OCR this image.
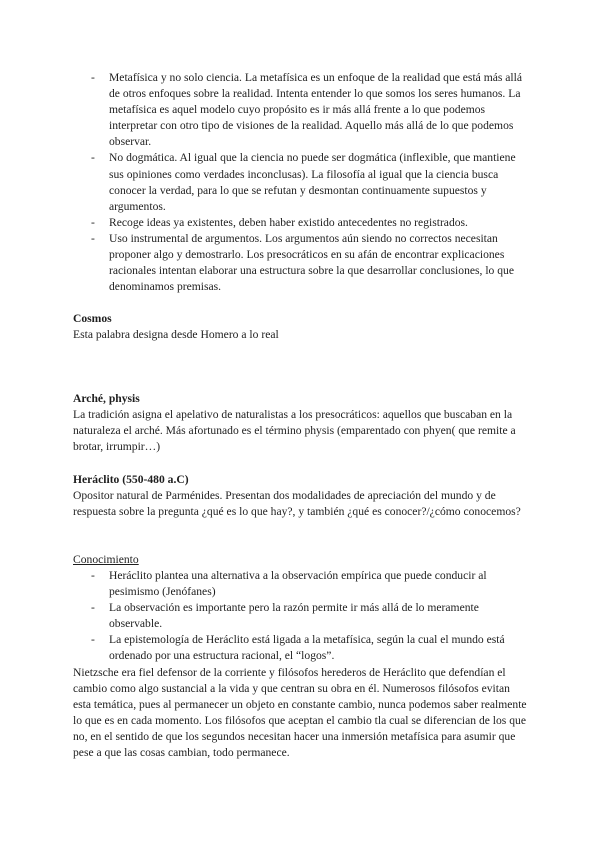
- Metafísica y no solo ciencia. La metafísica es un enfoque de la realidad que está más allá de otros enfoques sobre la realidad. Intenta entender lo que somos los seres humanos. La metafísica es aquel modelo cuyo propósito es ir más allá frente a lo que podemos interpretar con otro tipo de visiones de la realidad. Aquello más allá de lo que podemos observar.
- No dogmática. Al igual que la ciencia no puede ser dogmática (inflexible, que mantiene sus opiniones como verdades inconclusas). La filosofía al igual que la ciencia busca conocer la verdad, para lo que se refutan y desmontan continuamente supuestos y argumentos.
- Recoge ideas ya existentes, deben haber existido antecedentes no registrados.
- Uso instrumental de argumentos. Los argumentos aún siendo no correctos necesitan proponer algo y demostrarlo. Los presocráticos en su afán de encontrar explicaciones racionales intentan elaborar una estructura sobre la que desarrollar conclusiones, lo que denominamos premisas.

Cosmos

Esta palabra designa desde Homero a lo real

Arché, physis

La tradición asigna el apelativo de naturalistas a los presocráticos: aquellos que buscaban en la naturaleza el arché. Más afortunado es el término physis (emparentado con phyen( que remite a brotar, irrumpir…)

Heráclito (550-480 a.C)

Opositor natural de Parménides. Presentan dos modalidades de apreciación del mundo y de respuesta sobre la pregunta ¿qué es lo que hay?, y también ¿qué es conocer?/¿cómo conocemos?

Conocimiento

- Heráclito plantea una alternativa a la observación empírica que puede conducir al pesimismo (Jenófanes)
- La observación es importante pero la razón permite ir más allá de lo meramente observable.
- La epistemología de Heráclito está ligada a la metafísica, según la cual el mundo está ordenado por una estructura racional, el “logos”.

Nietzsche era fiel defensor de la corriente y filósofos herederos de Heráclito que defendían el cambio como algo sustancial a la vida y que centran su obra en él. Numerosos filósofos evitan esta temática, pues al permanecer un objeto en constante cambio, nunca podemos saber realmente lo que es en cada momento. Los filósofos que aceptan el cambio tla cual se diferencian de los que no, en el sentido de que los segundos necesitan hacer una inmersión metafísica para asumir que pese a que las cosas cambian, todo permanece.
